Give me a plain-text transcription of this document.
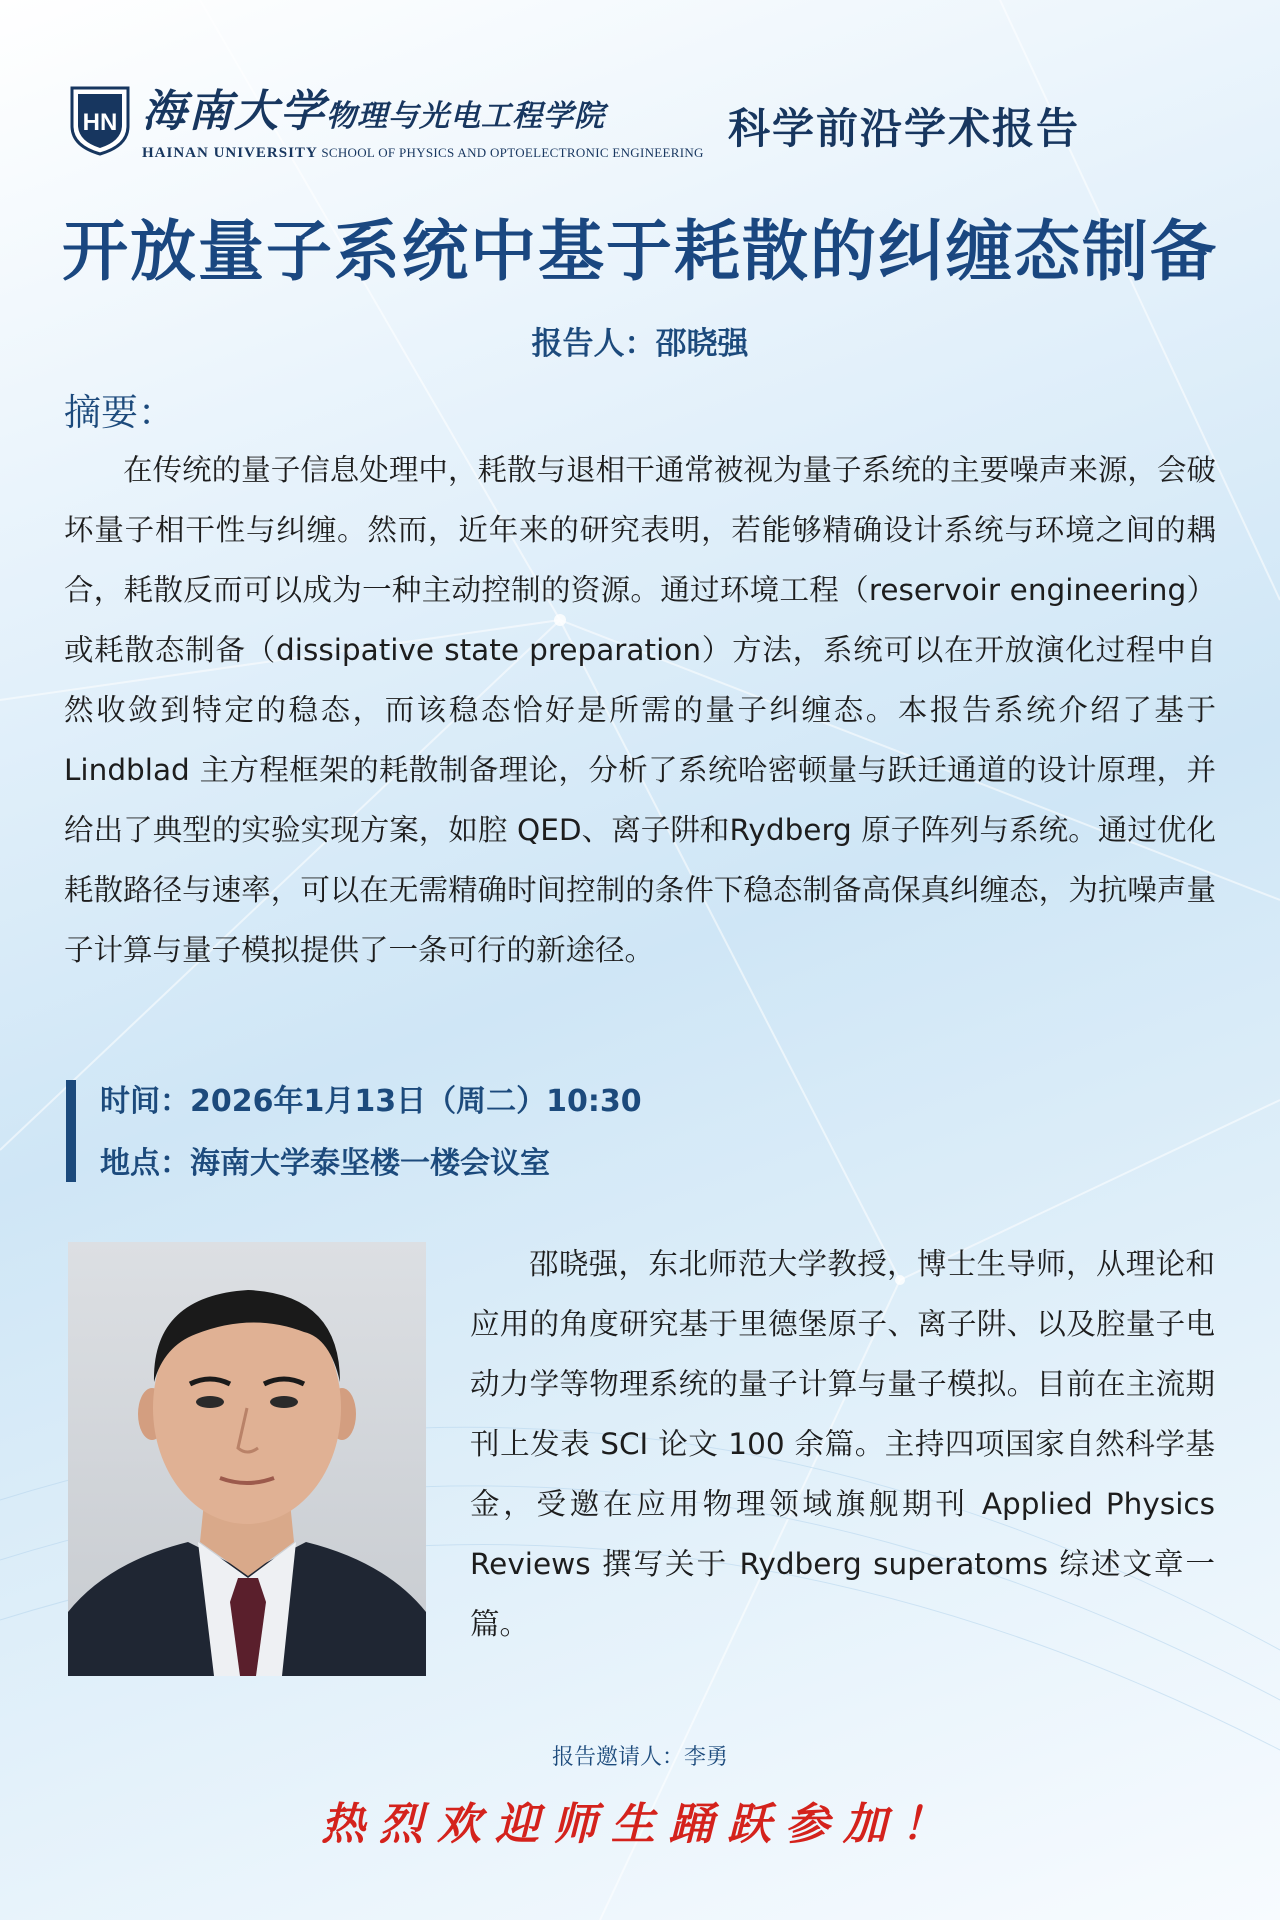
HN 海南大学物理与光电工程学院
HAINAN UNIVERSITY SCHOOL OF PHYSICS AND OPTOELECTRONIC ENGINEERING 科学前沿学术报告
开放量子系统中基于耗散的纠缠态制备
报告人：邵晓强
摘要：

在传统的量子信息处理中，耗散与退相干通常被视为量子系统的主要噪声来源，会破坏量子相干性与纠缠。然而，近年来的研究表明，若能够精确设计系统与环境之间的耦合，耗散反而可以成为一种主动控制的资源。通过环境工程（reservoir engineering）或耗散态制备（dissipative state preparation）方法，系统可以在开放演化过程中自然收敛到特定的稳态，而该稳态恰好是所需的量子纠缠态。本报告系统介绍了基于 Lindblad 主方程框架的耗散制备理论，分析了系统哈密顿量与跃迁通道的设计原理，并给出了典型的实验实现方案，如腔 QED、离子阱和Rydberg 原子阵列与系统。通过优化耗散路径与速率，可以在无需精确时间控制的条件下稳态制备高保真纠缠态，为抗噪声量子计算与量子模拟提供了一条可行的新途径。

时间：2026年1月13日（周二）10:30
地点：海南大学泰坚楼一楼会议室

邵晓强，东北师范大学教授，博士生导师，从理论和应用的角度研究基于里德堡原子、离子阱、以及腔量子电动力学等物理系统的量子计算与量子模拟。目前在主流期刊上发表 SCI 论文 100 余篇。主持四项国家自然科学基金，受邀在应用物理领域旗舰期刊 Applied Physics Reviews 撰写关于 Rydberg superatoms 综述文章一篇。

报告邀请人：李勇
热烈欢迎师生踊跃参加！
